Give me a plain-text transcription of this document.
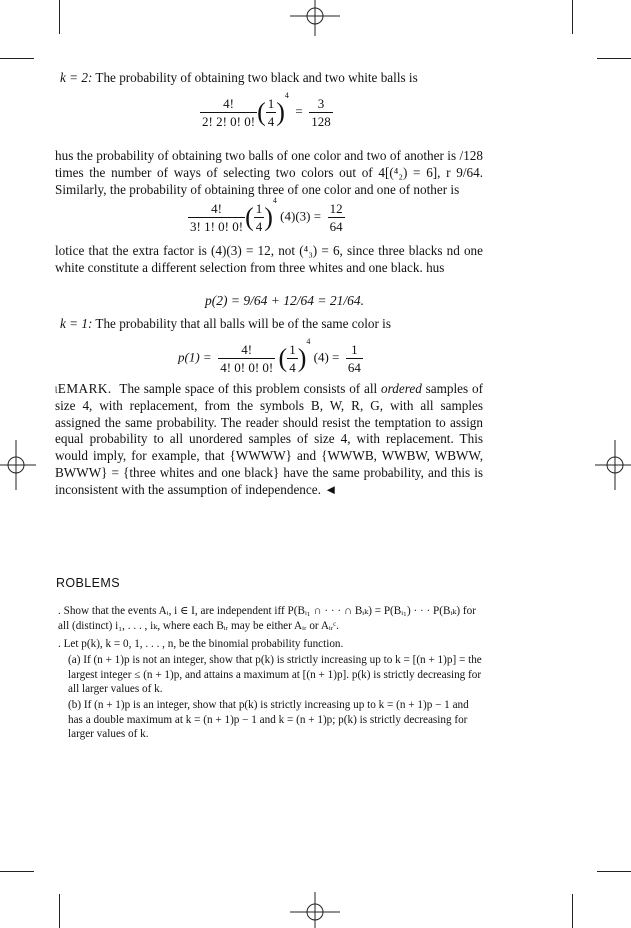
k = 2: The probability of obtaining two black and two white balls is
$\frac{4!}{2! 2! 0! 0!}$ ( $\frac{1}{4} )^4 = \frac{3}{128}$
hus the probability of obtaining two balls of one color and two of another is /128 times the number of ways of selecting two colors out of 4[(⁴₂) = 6], r 9/64. Similarly, the probability of obtaining three of one color and one of nother is
$\frac{4!}{3! 1! 0! 0!}$ ( $\frac{1}{4} )^4$ $(4)(3) = \frac{12}{64}$
lotice that the extra factor is (4)(3) = 12, not (⁴₃) = 6, since three blacks nd one white constitute a different selection from three whites and one black. hus
p(2) = 9/64 + 12/64 = 21/64.
k = 1: The probability that all balls will be of the same color is
$p(1) = \frac{4!}{4! 0! 0! 0!}$ ( $\frac{1}{4} )^4$ $(4) = \frac{1}{64}$
ɩEMARK. The sample space of this problem consists of all ordered samples of size 4, with replacement, from the symbols B, W, R, G, with all samples assigned the same probability. The reader should resist the temptation to assign equal probability to all unordered samples of size 4, with replacement. This would imply, for example, that {WWWW} and {WWWB, WWBW, WBWW, BWWW} = {three whites and one black} have the same probability, and this is inconsistent with the assumption of independence. ◄
ROBLEMS
. Show that the events Aᵢ, i ∈ I, are independent iff P(Bᵢ₁ ∩ · · · ∩ Bᵢₖ) = P(Bᵢ₁) · · · P(Bᵢₖ) for all (distinct) i₁, . . . , iₖ, where each Bᵢᵣ may be either Aᵢᵣ or Aᵢᵣᶜ.
. Let p(k), k = 0, 1, . . . , n, be the binomial probability function.
(a) If (n + 1)p is not an integer, show that p(k) is strictly increasing up to k = [(n + 1)p] = the largest integer ≤ (n + 1)p, and attains a maximum at [(n + 1)p]. p(k) is strictly decreasing for all larger values of k.
(b) If (n + 1)p is an integer, show that p(k) is strictly increasing up to k = (n + 1)p − 1 and has a double maximum at k = (n + 1)p − 1 and k = (n + 1)p; p(k) is strictly decreasing for larger values of k.
